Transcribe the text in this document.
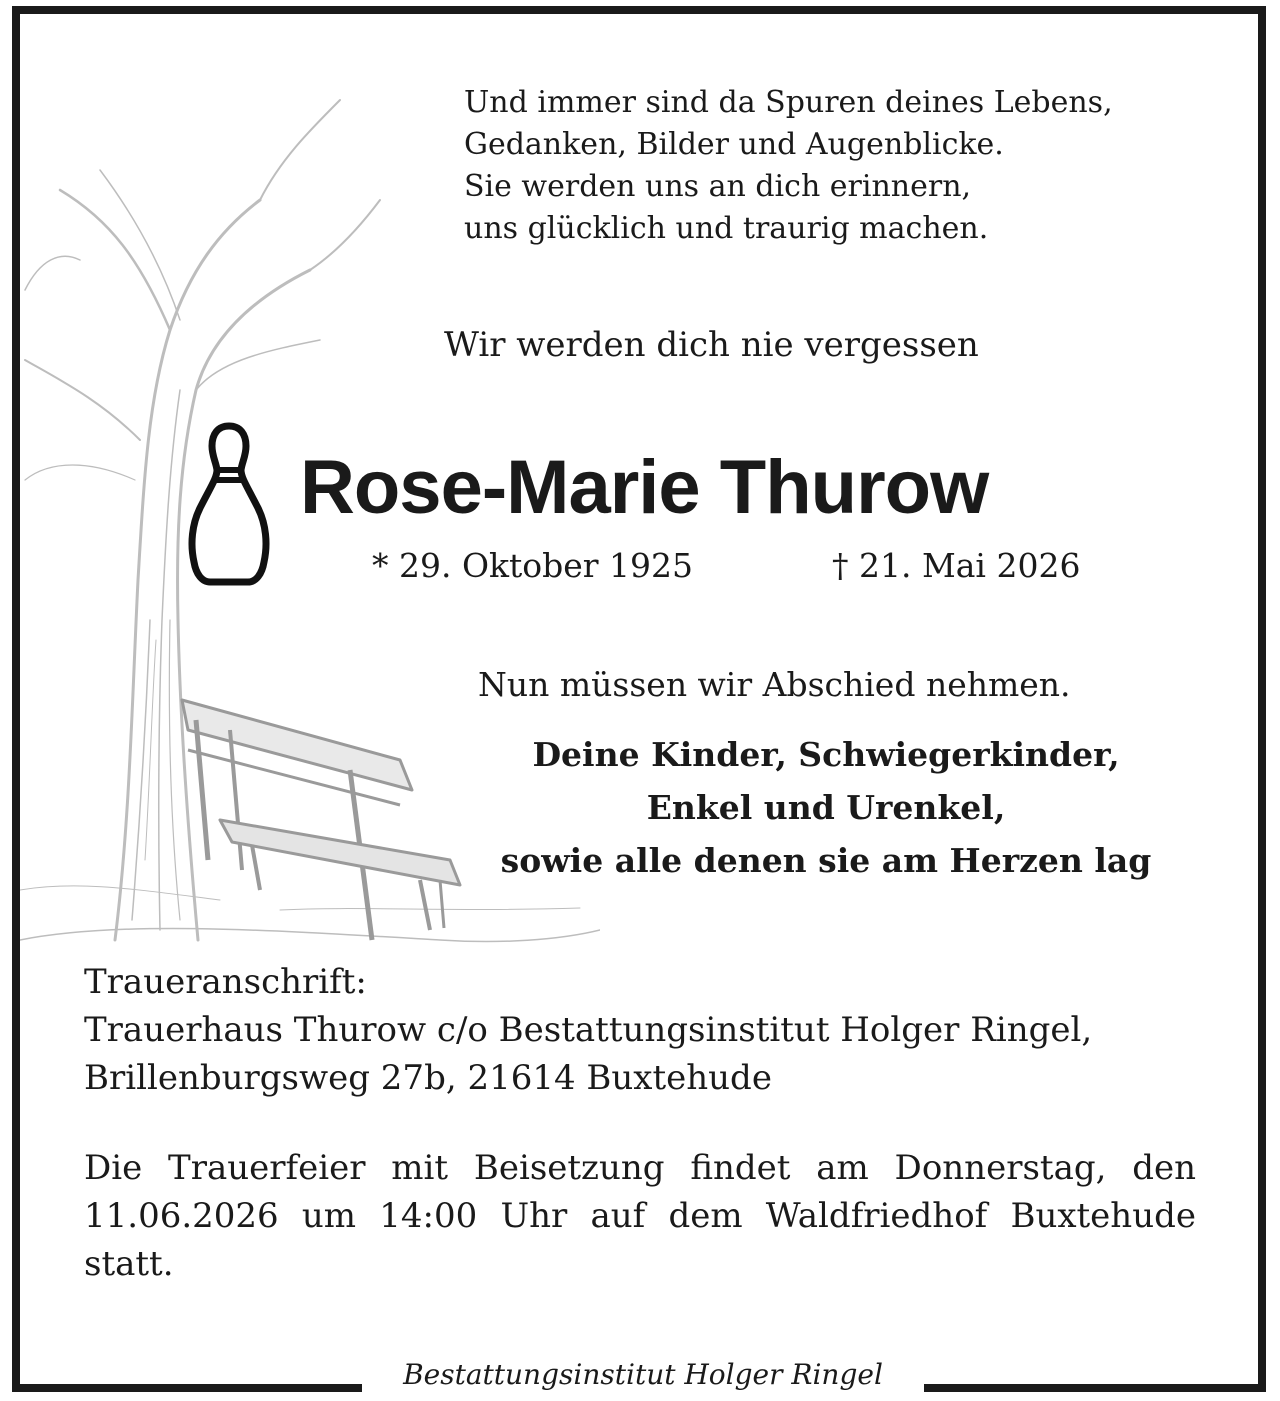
Und immer sind da Spuren deines Lebens,
Gedanken, Bilder und Augenblicke.
Sie werden uns an dich erinnern,
uns glücklich und traurig machen.
Wir werden dich nie vergessen
Rose-Marie Thurow
* 29. Oktober 1925	† 21. Mai 2026
Nun müssen wir Abschied nehmen.
Deine Kinder, Schwiegerkinder,
Enkel und Urenkel,
sowie alle denen sie am Herzen lag
Traueranschrift:
Trauerhaus Thurow c/o Bestattungsinstitut Holger Ringel,
Brillenburgsweg 27b, 21614 Buxtehude
Die Trauerfeier mit Beisetzung findet am Donnerstag, den 11.06.2026 um 14:00 Uhr auf dem Waldfriedhof Buxtehude statt.
Bestattungsinstitut Holger Ringel
